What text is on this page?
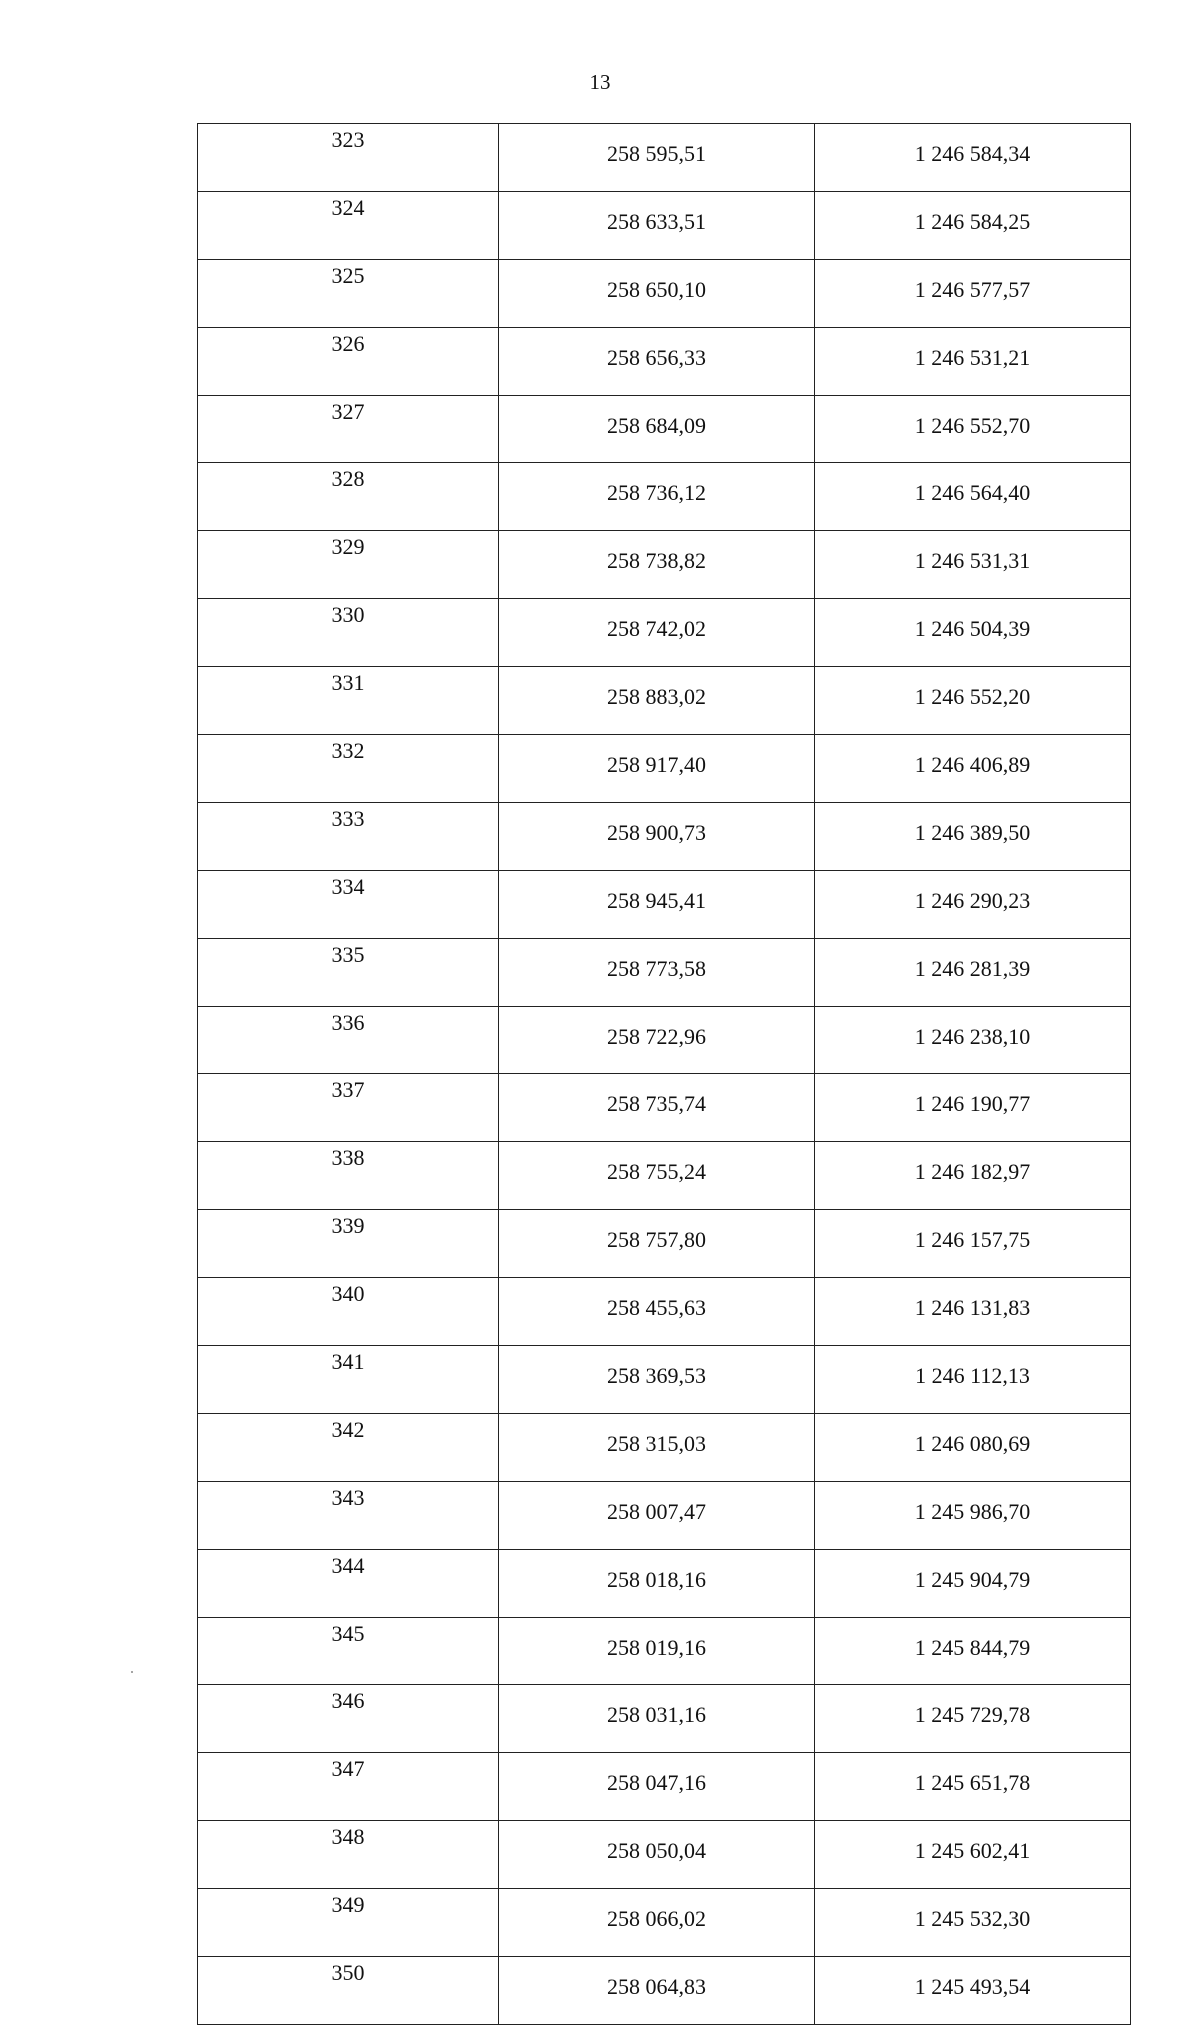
13
323	258 595,51	1 246 584,34
324	258 633,51	1 246 584,25
325	258 650,10	1 246 577,57
326	258 656,33	1 246 531,21
327	258 684,09	1 246 552,70
328	258 736,12	1 246 564,40
329	258 738,82	1 246 531,31
330	258 742,02	1 246 504,39
331	258 883,02	1 246 552,20
332	258 917,40	1 246 406,89
333	258 900,73	1 246 389,50
334	258 945,41	1 246 290,23
335	258 773,58	1 246 281,39
336	258 722,96	1 246 238,10
337	258 735,74	1 246 190,77
338	258 755,24	1 246 182,97
339	258 757,80	1 246 157,75
340	258 455,63	1 246 131,83
341	258 369,53	1 246 112,13
342	258 315,03	1 246 080,69
343	258 007,47	1 245 986,70
344	258 018,16	1 245 904,79
345	258 019,16	1 245 844,79
346	258 031,16	1 245 729,78
347	258 047,16	1 245 651,78
348	258 050,04	1 245 602,41
349	258 066,02	1 245 532,30
350	258 064,83	1 245 493,54
